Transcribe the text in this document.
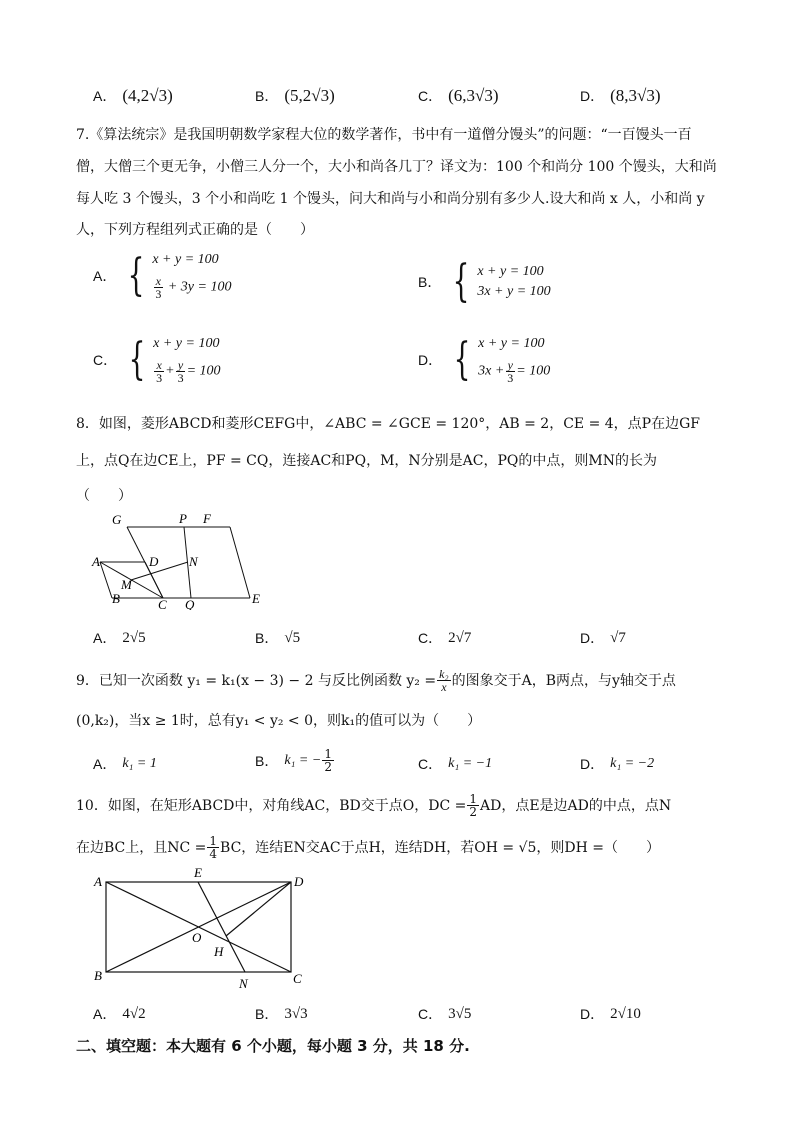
A． (4,2√3)	B． (5,2√3)	C． (6,3√3)	D． (8,3√3)
7.《算法统宗》是我国明朝数学家程大位的数学著作，书中有一道僧分馒头”的问题：“一百馒头一百
僧，大僧三个更无争，小僧三人分一个，大小和尚各几丁？译文为：100 个和尚分 100 个馒头，大和尚
每人吃 3 个馒头，3 个小和尚吃 1 个馒头，问大和尚与小和尚分别有多少人.设大和尚 x 人，小和尚 y
人，下列方程组列式正确的是（　　）
A． { x + y = 100
$\frac{x}{3} + 3y = 100$	B． { x + y = 100
3x + y = 100
C． { x + y = 100
$\frac{x}{3} + \frac{y}{3} = 100$
D． { x + y = 100
$3x + \frac{y}{3} = 100$
8．如图，菱形ABCD和菱形CEFG中，∠ABC = ∠GCE = 120°，AB = 2，CE = 4，点P在边GF
上，点Q在边CE上，PF = CQ，连接AC和PQ，M，N分别是AC，PQ的中点，则MN的长为
（　　）
G	P F
A	D N
M
B	C Q	E
A． 2√5	B． √5	C． 2√7	D． √7
9．已知一次函数 y₁ = k₁(x − 3) − 2 与反比例函数 $y_2 = \frac{\text{k₂}}{x}$ 的图象交于A，B两点，与y轴交于点
(0,k₂)，当x ≥ 1时，总有y₁ < y₂ < 0，则k₁的值可以为（　　）
A． k₁ = 1	B． k₁ = − $\frac{1}{2}$	C． k₁ = −1	D． k₁ = −2
10．如图，在矩形ABCD中，对角线AC，BD交于点O，DC = $\frac{1}{2}$ AD，点E是边AD的中点，点N
在边BC上，且NC = $\frac{1}{4}$ BC，连结EN交AC于点H，连结DH，若OH = √5，则DH =（　　）
A
E
D
O
H
B
N	C
A． 4√2	B． 3√3	C． 3√5	D． 2√10
二、填空题：本大题有 6 个小题，每小题 3 分，共 18 分.
